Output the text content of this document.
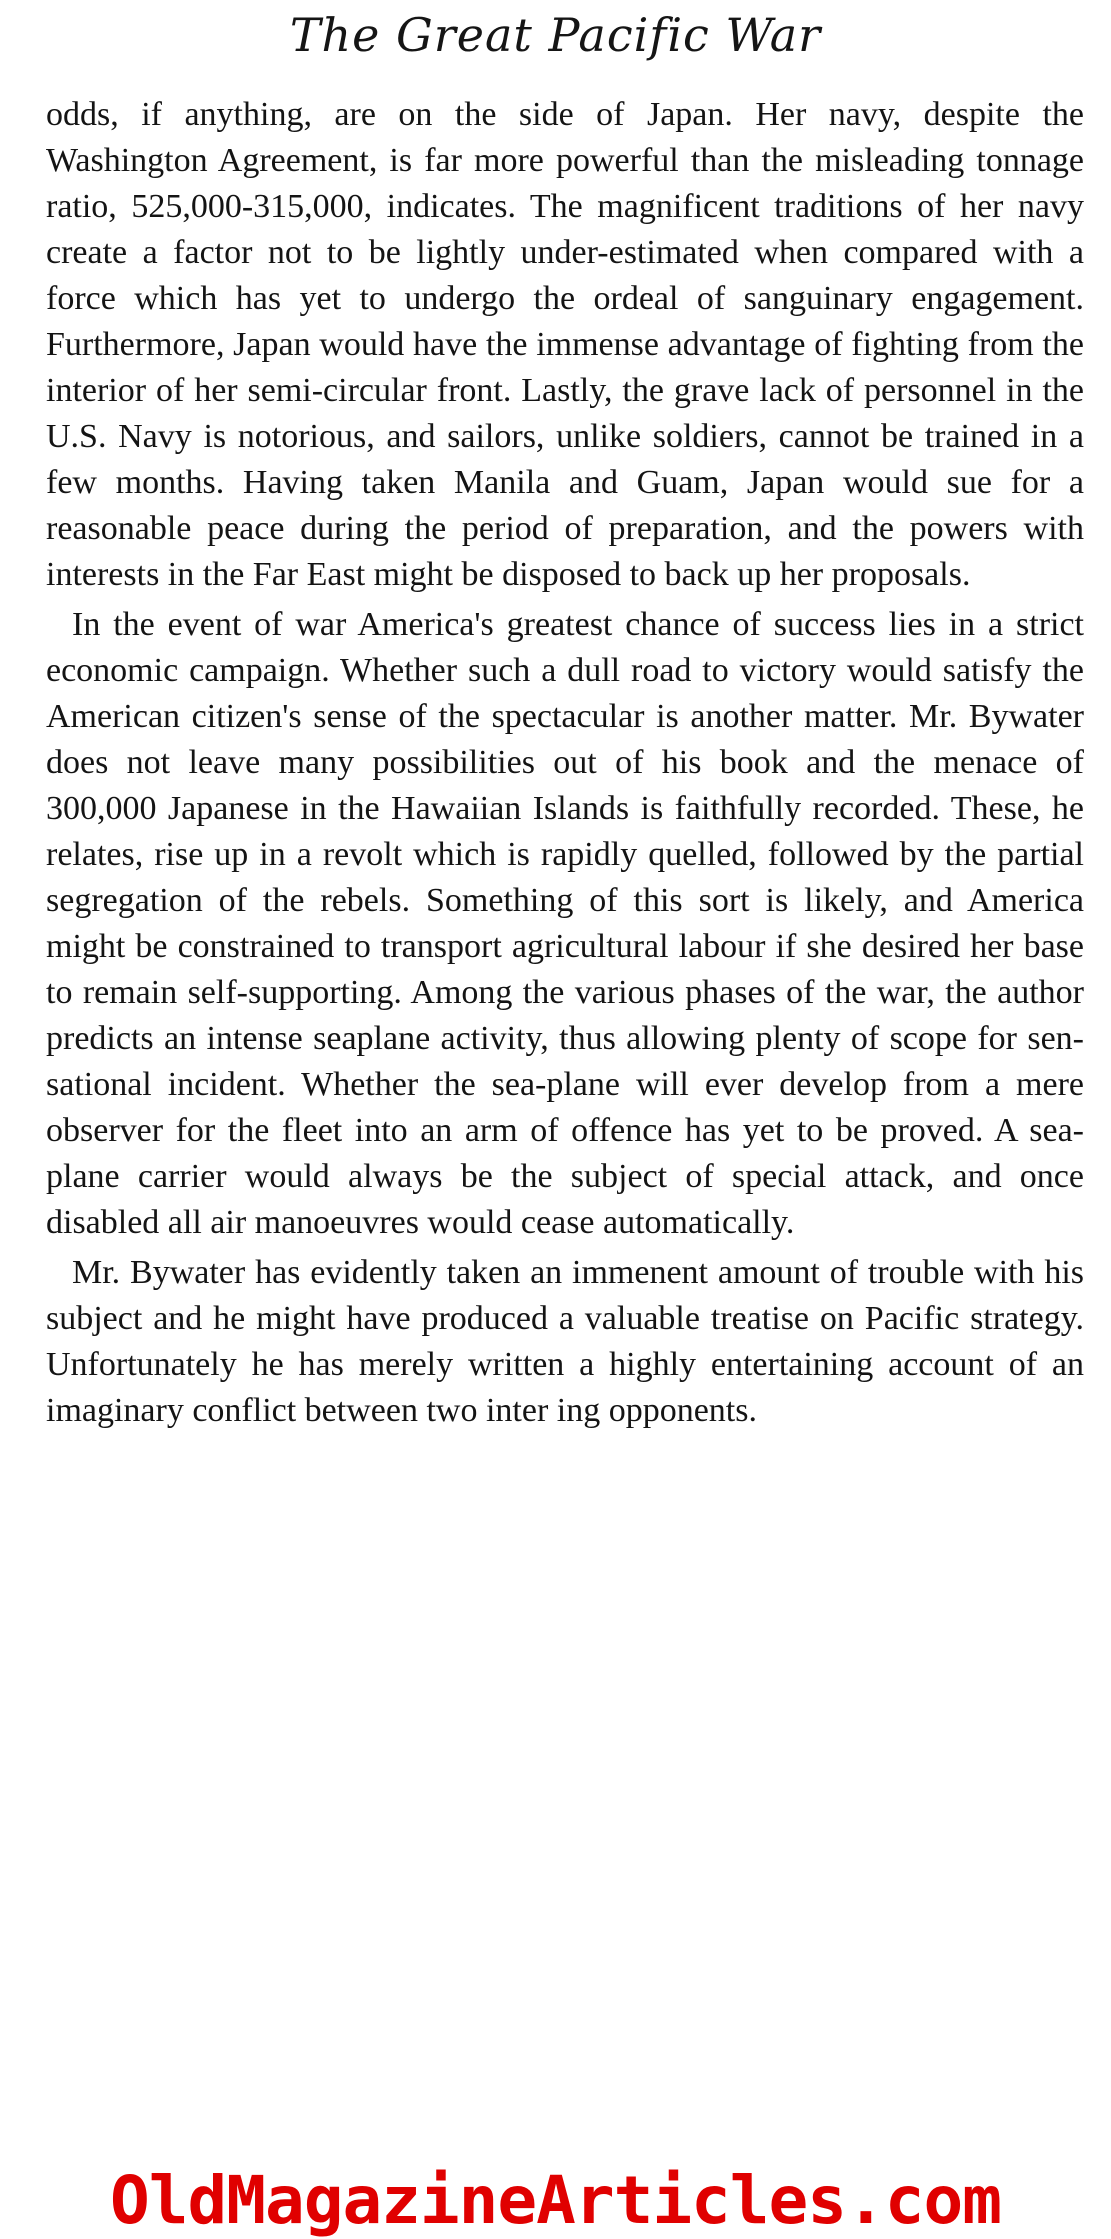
The Great Pacific War

odds, if anything, are on the side of Japan. Her navy, despite the Washington Agreement, is far more powerful than the misleading tonnage ratio, 525,000-315,000, indicates. The magnificent traditions of her navy create a factor not to be lightly under-estimated when compared with a force which has yet to undergo the ordeal of sanguinary engagement. Furthermore, Japan would have the immense advantage of fighting from the interior of her semi-circular front. Lastly, the grave lack of personnel in the U.S. Navy is notorious, and sailors, unlike soldiers, cannot be trained in a few months. Having taken Manila and Guam, Japan would sue for a reasonable peace during the period of preparation, and the powers with interests in the Far East might be disposed to back up her proposals.

In the event of war America's greatest chance of success lies in a strict economic campaign. Whether such a dull road to victory would satisfy the American citizen's sense of the spectacular is another matter. Mr. Bywater does not leave many possibilities out of his book and the menace of 300,000 Japanese in the Hawaiian Islands is faithfully recorded. These, he relates, rise up in a revolt which is rapidly quelled, followed by the partial segregation of the rebels. Something of this sort is likely, and America might be constrained to transport agricultural labour if she desired her base to remain self-supporting. Among the various phases of the war, the author predicts an intense seaplane activity, thus allowing plenty of scope for sensational incident. Whether the sea-plane will ever develop from a mere observer for the fleet into an arm of offence has yet to be proved. A sea-plane carrier would always be the subject of special attack, and once disabled all air manoeuvres would cease automatically.

Mr. Bywater has evidently taken an immenent amount of trouble with his subject and he might have produced a valuable treatise on Pacific strategy. Unfortunately he has merely written a highly entertaining account of an imaginary conflict between two inter ing opponents.

OldMagazineArticles.com
